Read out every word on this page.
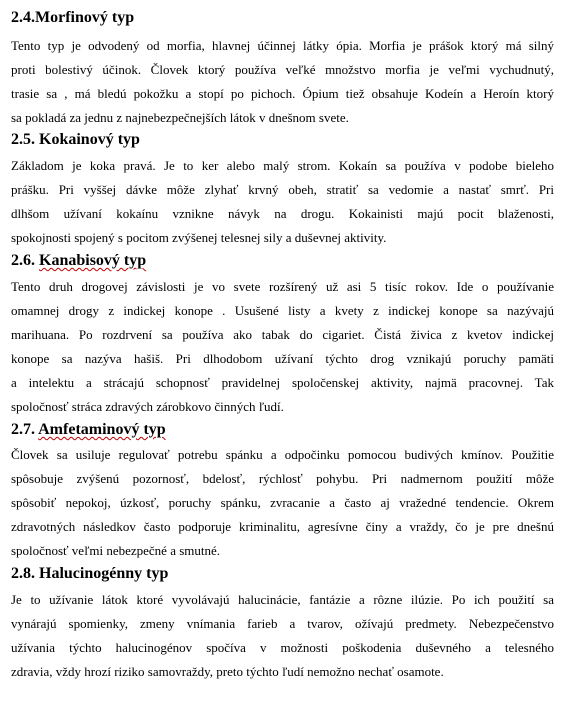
2.4.Morfinový typ
Tento typ je odvodený od morfia, hlavnej účinnej látky ópia. Morfia je prášok ktorý má silný
proti bolestivý účinok. Človek ktorý používa veľké množstvo morfia je veľmi vychudnutý,
trasie sa , má bledú pokožku a stopí po pichoch. Ópium tiež obsahuje Kodeín a Heroín ktorý
sa pokladá za jednu z najnebezpečnejších látok v dnešnom svete.
2.5. Kokainový typ
Základom je koka pravá. Je to ker alebo malý strom. Kokaín sa používa v podobe bieleho
prášku. Pri vyššej dávke môže zlyhať krvný obeh, stratiť sa vedomie a nastať smrť. Pri
dlhšom užívaní kokaínu vznikne návyk na drogu. Kokainisti majú pocit blaženosti,
spokojnosti spojený s pocitom zvýšenej telesnej sily a duševnej aktivity.
2.6. Kanabisový typ
Tento druh drogovej závislosti je vo svete rozšírený už asi 5 tisíc rokov. Ide o používanie
omamnej drogy z indickej konope . Usušené listy a kvety z indickej konope sa nazývajú
marihuana. Po rozdrvení sa používa ako tabak do cigariet. Čistá živica z kvetov indickej
konope sa nazýva hašiš. Pri dlhodobom užívaní týchto drog vznikajú poruchy pamäti
a intelektu a strácajú schopnosť pravidelnej spoločenskej aktivity, najmä pracovnej. Tak
spoločnosť stráca zdravých zárobkovo činných ľudí.
2.7. Amfetaminový typ
Človek sa usiluje regulovať potrebu spánku a odpočinku pomocou budivých kmínov. Použitie
spôsobuje zvýšenú pozornosť, bdelosť, rýchlosť pohybu. Pri nadmernom použití môže
spôsobiť nepokoj, úzkosť, poruchy spánku, zvracanie a často aj vražedné tendencie. Okrem
zdravotných následkov často podporuje kriminalitu, agresívne činy a vraždy, čo je pre dnešnú
spoločnosť veľmi nebezpečné a smutné.
2.8. Halucinogénny typ
Je to užívanie látok ktoré vyvolávajú halucinácie, fantázie a rôzne ilúzie. Po ich použití sa
vynárajú spomienky, zmeny vnímania farieb a tvarov, ožívajú predmety. Nebezpečenstvo
užívania týchto halucinogénov spočíva v možnosti poškodenia duševného a telesného
zdravia, vždy hrozí riziko samovraždy, preto týchto ľudí nemožno nechať osamote.
